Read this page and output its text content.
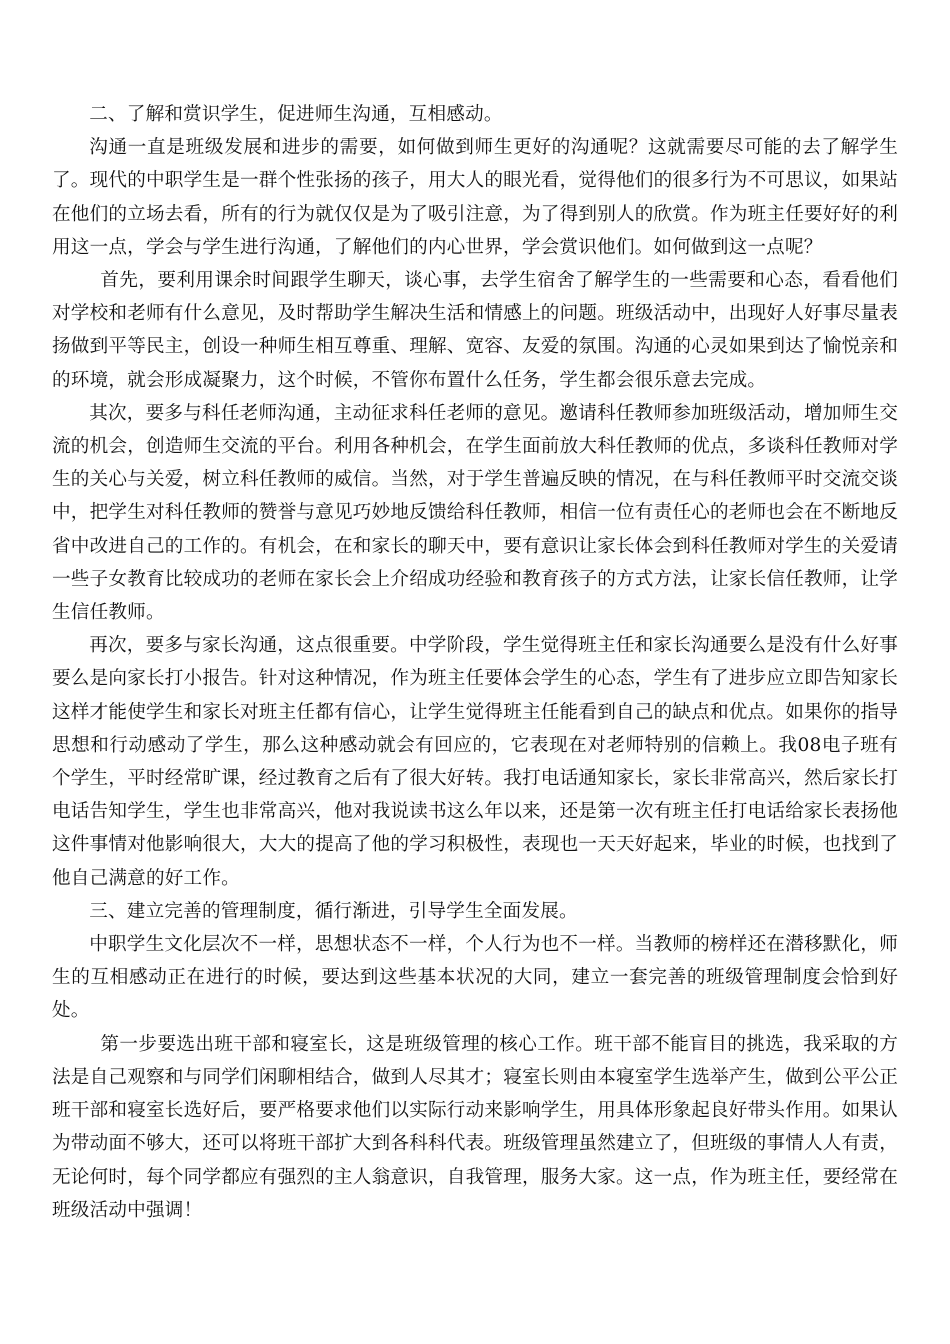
二、了解和赏识学生，促进师生沟通，互相感动。

沟通一直是班级发展和进步的需要，如何做到师生更好的沟通呢？这就需要尽可能的去了解学生了。现代的中职学生是一群个性张扬的孩子，用大人的眼光看，觉得他们的很多行为不可思议，如果站在他们的立场去看，所有的行为就仅仅是为了吸引注意，为了得到别人的欣赏。作为班主任要好好的利用这一点，学会与学生进行沟通，了解他们的内心世界，学会赏识他们。如何做到这一点呢？

首先，要利用课余时间跟学生聊天，谈心事，去学生宿舍了解学生的一些需要和心态，看看他们对学校和老师有什么意见，及时帮助学生解决生活和情感上的问题。班级活动中，出现好人好事尽量表扬做到平等民主，创设一种师生相互尊重、理解、宽容、友爱的氛围。沟通的心灵如果到达了愉悦亲和的环境，就会形成凝聚力，这个时候，不管你布置什么任务，学生都会很乐意去完成。

其次，要多与科任老师沟通，主动征求科任老师的意见。邀请科任教师参加班级活动，增加师生交流的机会，创造师生交流的平台。利用各种机会，在学生面前放大科任教师的优点，多谈科任教师对学生的关心与关爱，树立科任教师的威信。当然，对于学生普遍反映的情况，在与科任教师平时交流交谈中，把学生对科任教师的赞誉与意见巧妙地反馈给科任教师，相信一位有责任心的老师也会在不断地反省中改进自己的工作的。有机会，在和家长的聊天中，要有意识让家长体会到科任教师对学生的关爱请一些子女教育比较成功的老师在家长会上介绍成功经验和教育孩子的方式方法，让家长信任教师，让学生信任教师。

再次，要多与家长沟通，这点很重要。中学阶段，学生觉得班主任和家长沟通要么是没有什么好事要么是向家长打小报告。针对这种情况，作为班主任要体会学生的心态，学生有了进步应立即告知家长这样才能使学生和家长对班主任都有信心，让学生觉得班主任能看到自己的缺点和优点。如果你的指导思想和行动感动了学生，那么这种感动就会有回应的，它表现在对老师特别的信赖上。我08电子班有个学生，平时经常旷课，经过教育之后有了很大好转。我打电话通知家长，家长非常高兴，然后家长打电话告知学生，学生也非常高兴，他对我说读书这么年以来，还是第一次有班主任打电话给家长表扬他这件事情对他影响很大，大大的提高了他的学习积极性，表现也一天天好起来，毕业的时候，也找到了他自己满意的好工作。

三、建立完善的管理制度，循行渐进，引导学生全面发展。

中职学生文化层次不一样，思想状态不一样，个人行为也不一样。当教师的榜样还在潜移默化，师生的互相感动正在进行的时候，要达到这些基本状况的大同，建立一套完善的班级管理制度会恰到好处。

第一步要选出班干部和寝室长，这是班级管理的核心工作。班干部不能盲目的挑选，我采取的方法是自己观察和与同学们闲聊相结合，做到人尽其才；寝室长则由本寝室学生选举产生，做到公平公正班干部和寝室长选好后，要严格要求他们以实际行动来影响学生，用具体形象起良好带头作用。如果认为带动面不够大，还可以将班干部扩大到各科科代表。班级管理虽然建立了，但班级的事情人人有责，无论何时，每个同学都应有强烈的主人翁意识，自我管理，服务大家。这一点，作为班主任，要经常在班级活动中强调！
